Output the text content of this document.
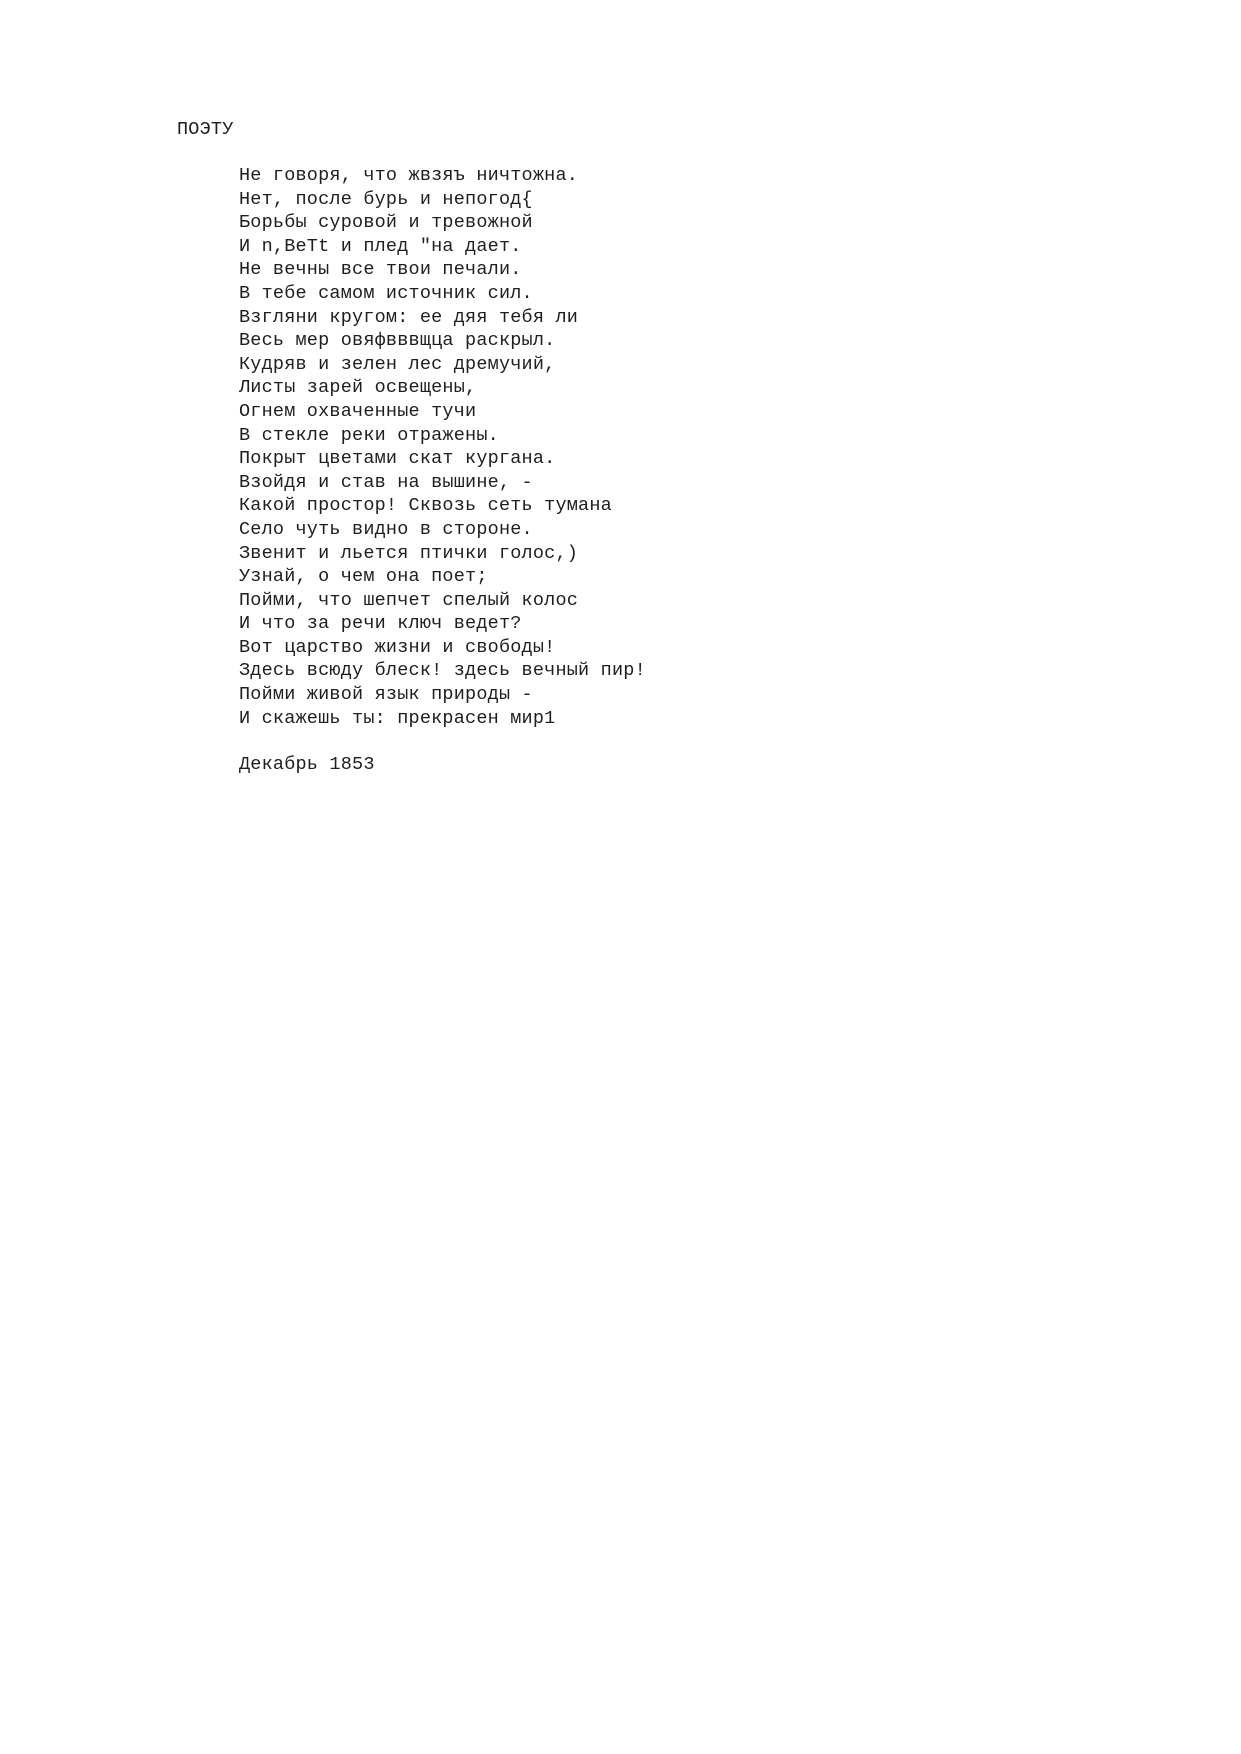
ПОЭТУ
Не говоря, что жвзяъ ничтожна.
Нет, после бурь и непогод{
Борьбы суровой и тревожной
И n,BeTt и плед "на дает.
Не вечны все твои печали.
В тебе самом источник сил.
Взгляни кругом: ее дяя тебя ли
Весь мер овяфвввщца раскрыл.
Кудряв и зелен лес дремучий,
Листы зарей освещены,
Огнем охваченные тучи
В стекле реки отражены.
Покрыт цветами скат кургана.
Взойдя и став на вышине, -
Какой простор! Сквозь сеть тумана
Село чуть видно в стороне.
Звенит и льется птички голос,)
Узнай, о чем она поет;
Пойми, что шепчет спелый колос
И что за речи ключ ведет?
Вот царство жизни и свободы!
Здесь всюду блеск! здесь вечный пир!
Пойми живой язык природы -
И скажешь ты: прекрасен мир1
Декабрь 1853
